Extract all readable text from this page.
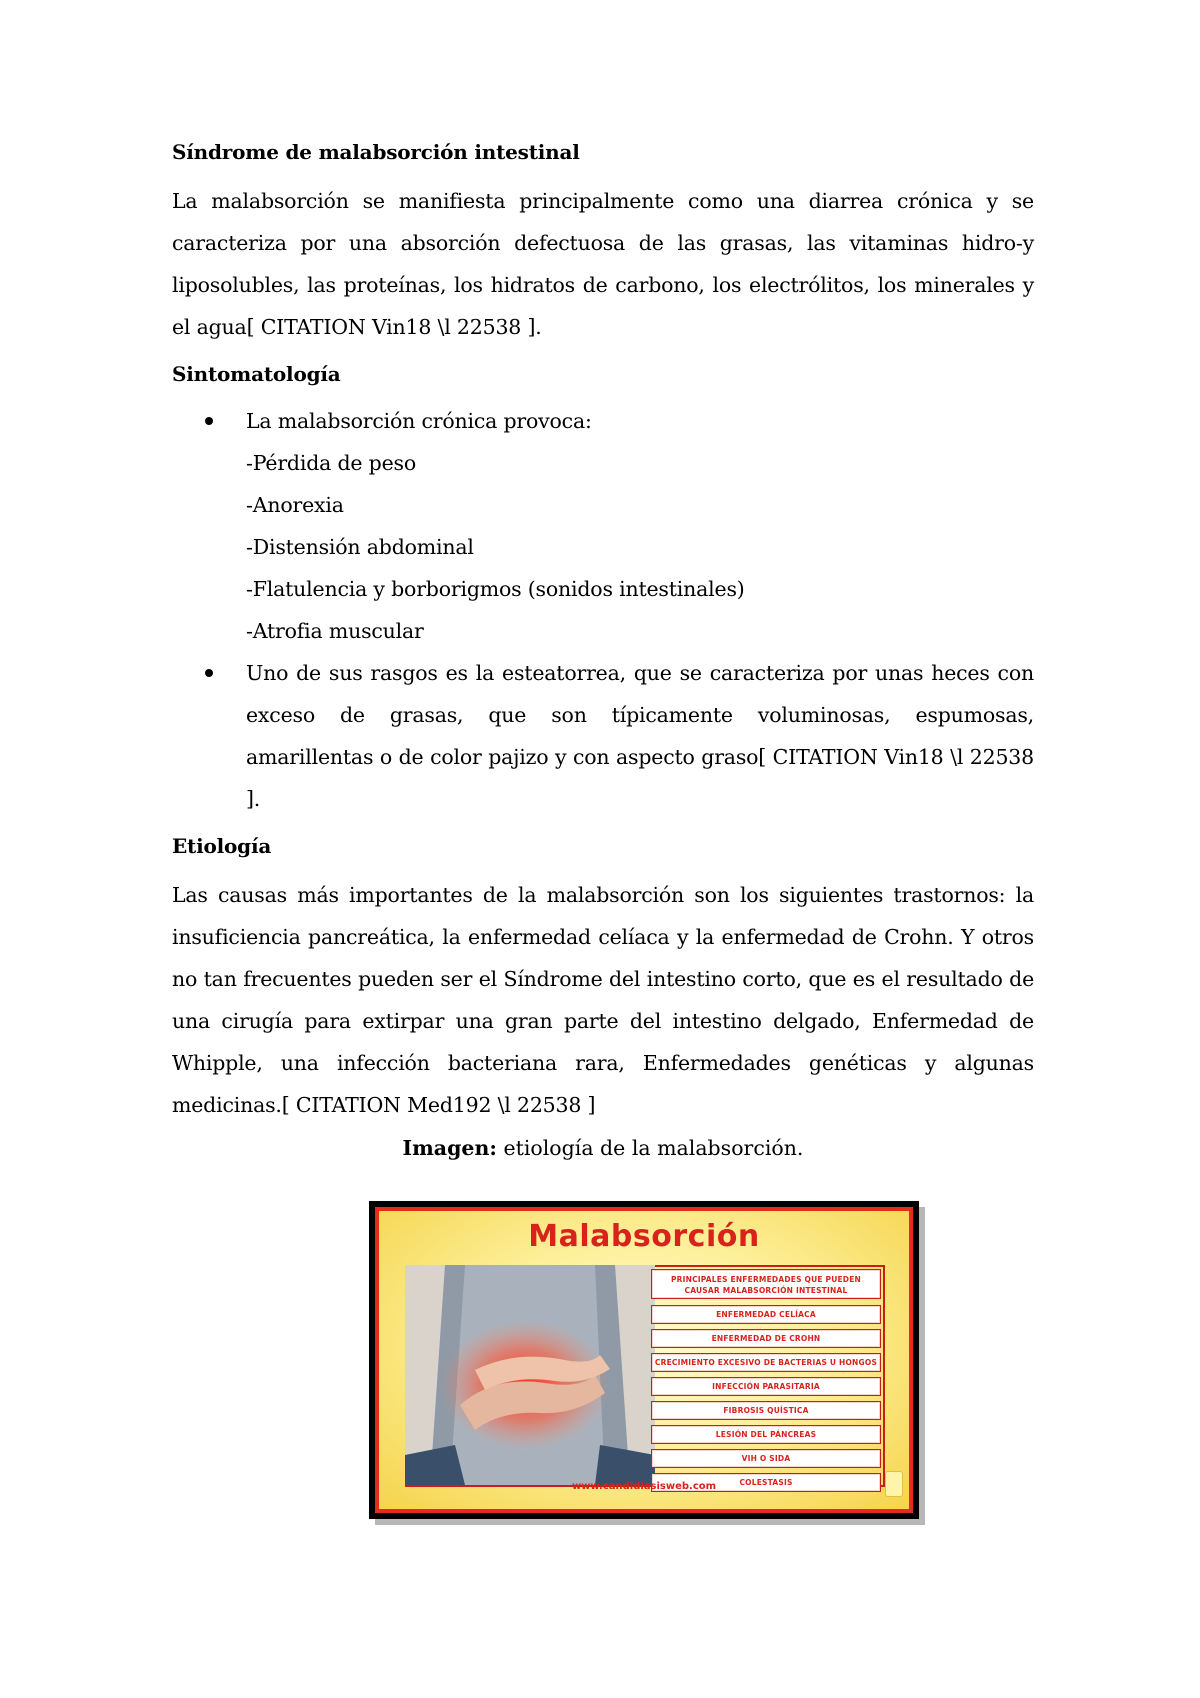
Síndrome de malabsorción intestinal

La malabsorción se manifiesta principalmente como una diarrea crónica y se caracteriza por una absorción defectuosa de las grasas, las vitaminas hidro-y liposolubles, las proteínas, los hidratos de carbono, los electrólitos, los minerales y el agua[ CITATION Vin18 \l 22538 ].

Sintomatología

La malabsorción crónica provoca:
-Pérdida de peso
-Anorexia
-Distensión abdominal
-Flatulencia y borborigmos (sonidos intestinales)
-Atrofia muscular
Uno de sus rasgos es la esteatorrea, que se caracteriza por unas heces con exceso de grasas, que son típicamente voluminosas, espumosas, amarillentas o de color pajizo y con aspecto graso[ CITATION Vin18 \l 22538 ].

Etiología

Las causas más importantes de la malabsorción son los siguientes trastornos: la insuficiencia pancreática, la enfermedad celíaca y la enfermedad de Crohn. Y otros no tan frecuentes pueden ser el Síndrome del intestino corto, que es el resultado de una cirugía para extirpar una gran parte del intestino delgado, Enfermedad de Whipple, una infección bacteriana rara, Enfermedades genéticas y algunas medicinas.[ CITATION Med192 \l 22538 ]

Imagen: etiología de la malabsorción.

Malabsorción
PRINCIPALES ENFERMEDADES QUE PUEDEN CAUSAR MALABSORCIÓN INTESTINAL
ENFERMEDAD CELÍACA
ENFERMEDAD DE CROHN
CRECIMIENTO EXCESIVO DE BACTERIAS U HONGOS
INFECCIÓN PARASITARIA
FIBROSIS QUÍSTICA
LESIÓN DEL PÁNCREAS
VIH O SIDA
COLESTASIS
www.candidiasisweb.com
